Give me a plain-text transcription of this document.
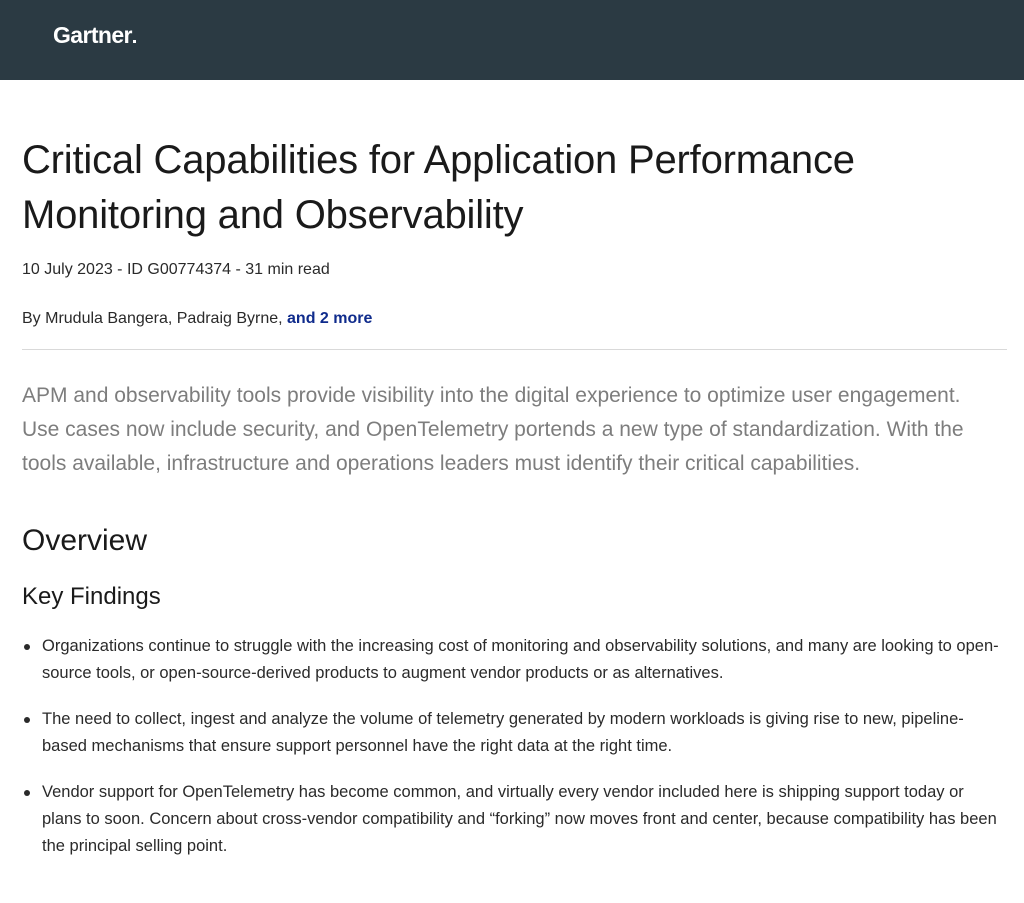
Gartner
Critical Capabilities for Application Performance Monitoring and Observability
10 July 2023 - ID G00774374 - 31 min read
By Mrudula Bangera, Padraig Byrne, and 2 more

APM and observability tools provide visibility into the digital experience to optimize user engagement. Use cases now include security, and OpenTelemetry portends a new type of standardization. With the tools available, infrastructure and operations leaders must identify their critical capabilities.

Overview
Key Findings
Organizations continue to struggle with the increasing cost of monitoring and observability solutions, and many are looking to open-source tools, or open-source-derived products to augment vendor products or as alternatives.
The need to collect, ingest and analyze the volume of telemetry generated by modern workloads is giving rise to new, pipeline-based mechanisms that ensure support personnel have the right data at the right time.
Vendor support for OpenTelemetry has become common, and virtually every vendor included here is shipping support today or plans to soon. Concern about cross-vendor compatibility and “forking” now moves front and center, because compatibility has been the principal selling point.
